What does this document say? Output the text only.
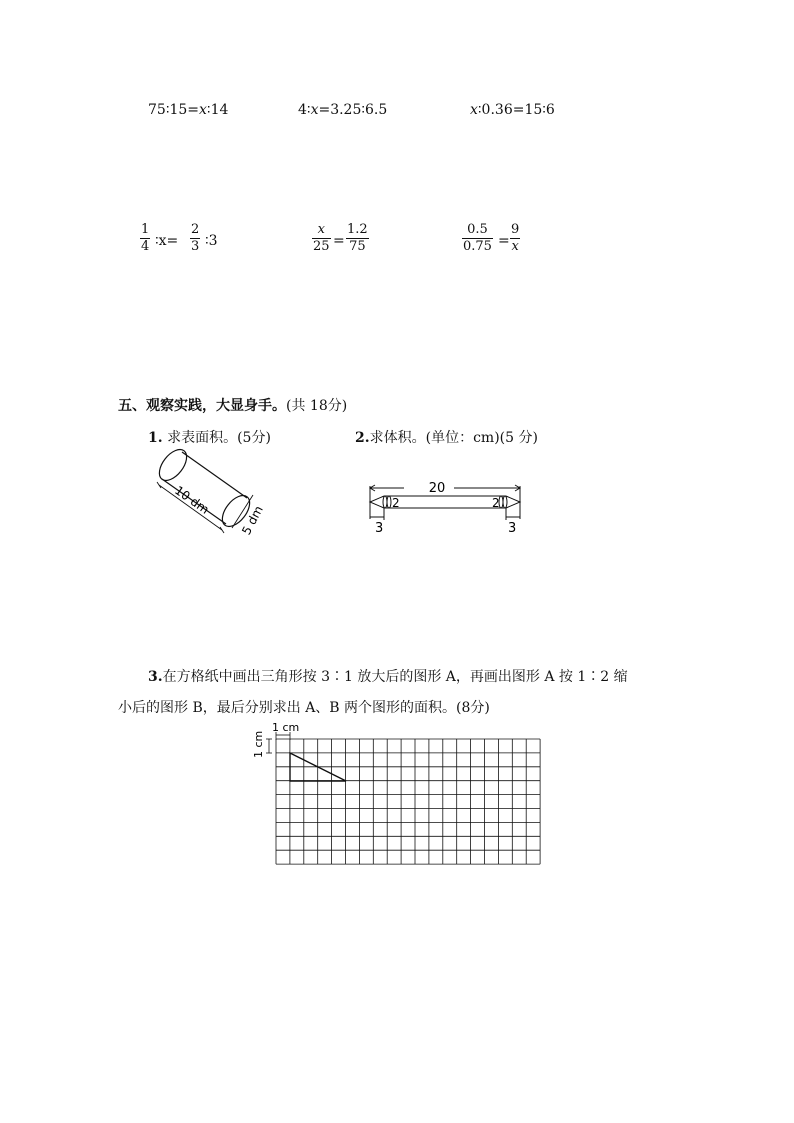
75∶15=x∶14	4∶x=3.25∶6.5	x∶0.36=15∶6
$\frac{1}{4}$ ∶x= $\frac{2}{3}$ ∶3	$\frac{x}{25} = \frac{1.2}{75}$	$\frac{0.5}{0.75} = \frac{9}{x}$
五、观察实践，大显身手。(共 18分)
1. 求表面积。(5分)	2.求体积。(单位：cm)(5 分)
10 dm
5 dm
20
2	2
3	3
3.在方格纸中画出三角形按 3∶1 放大后的图形 A，再画出图形 A 按 1∶2 缩
小后的图形 B，最后分别求出 A、B 两个图形的面积。(8分)
1 cm
1 cm
